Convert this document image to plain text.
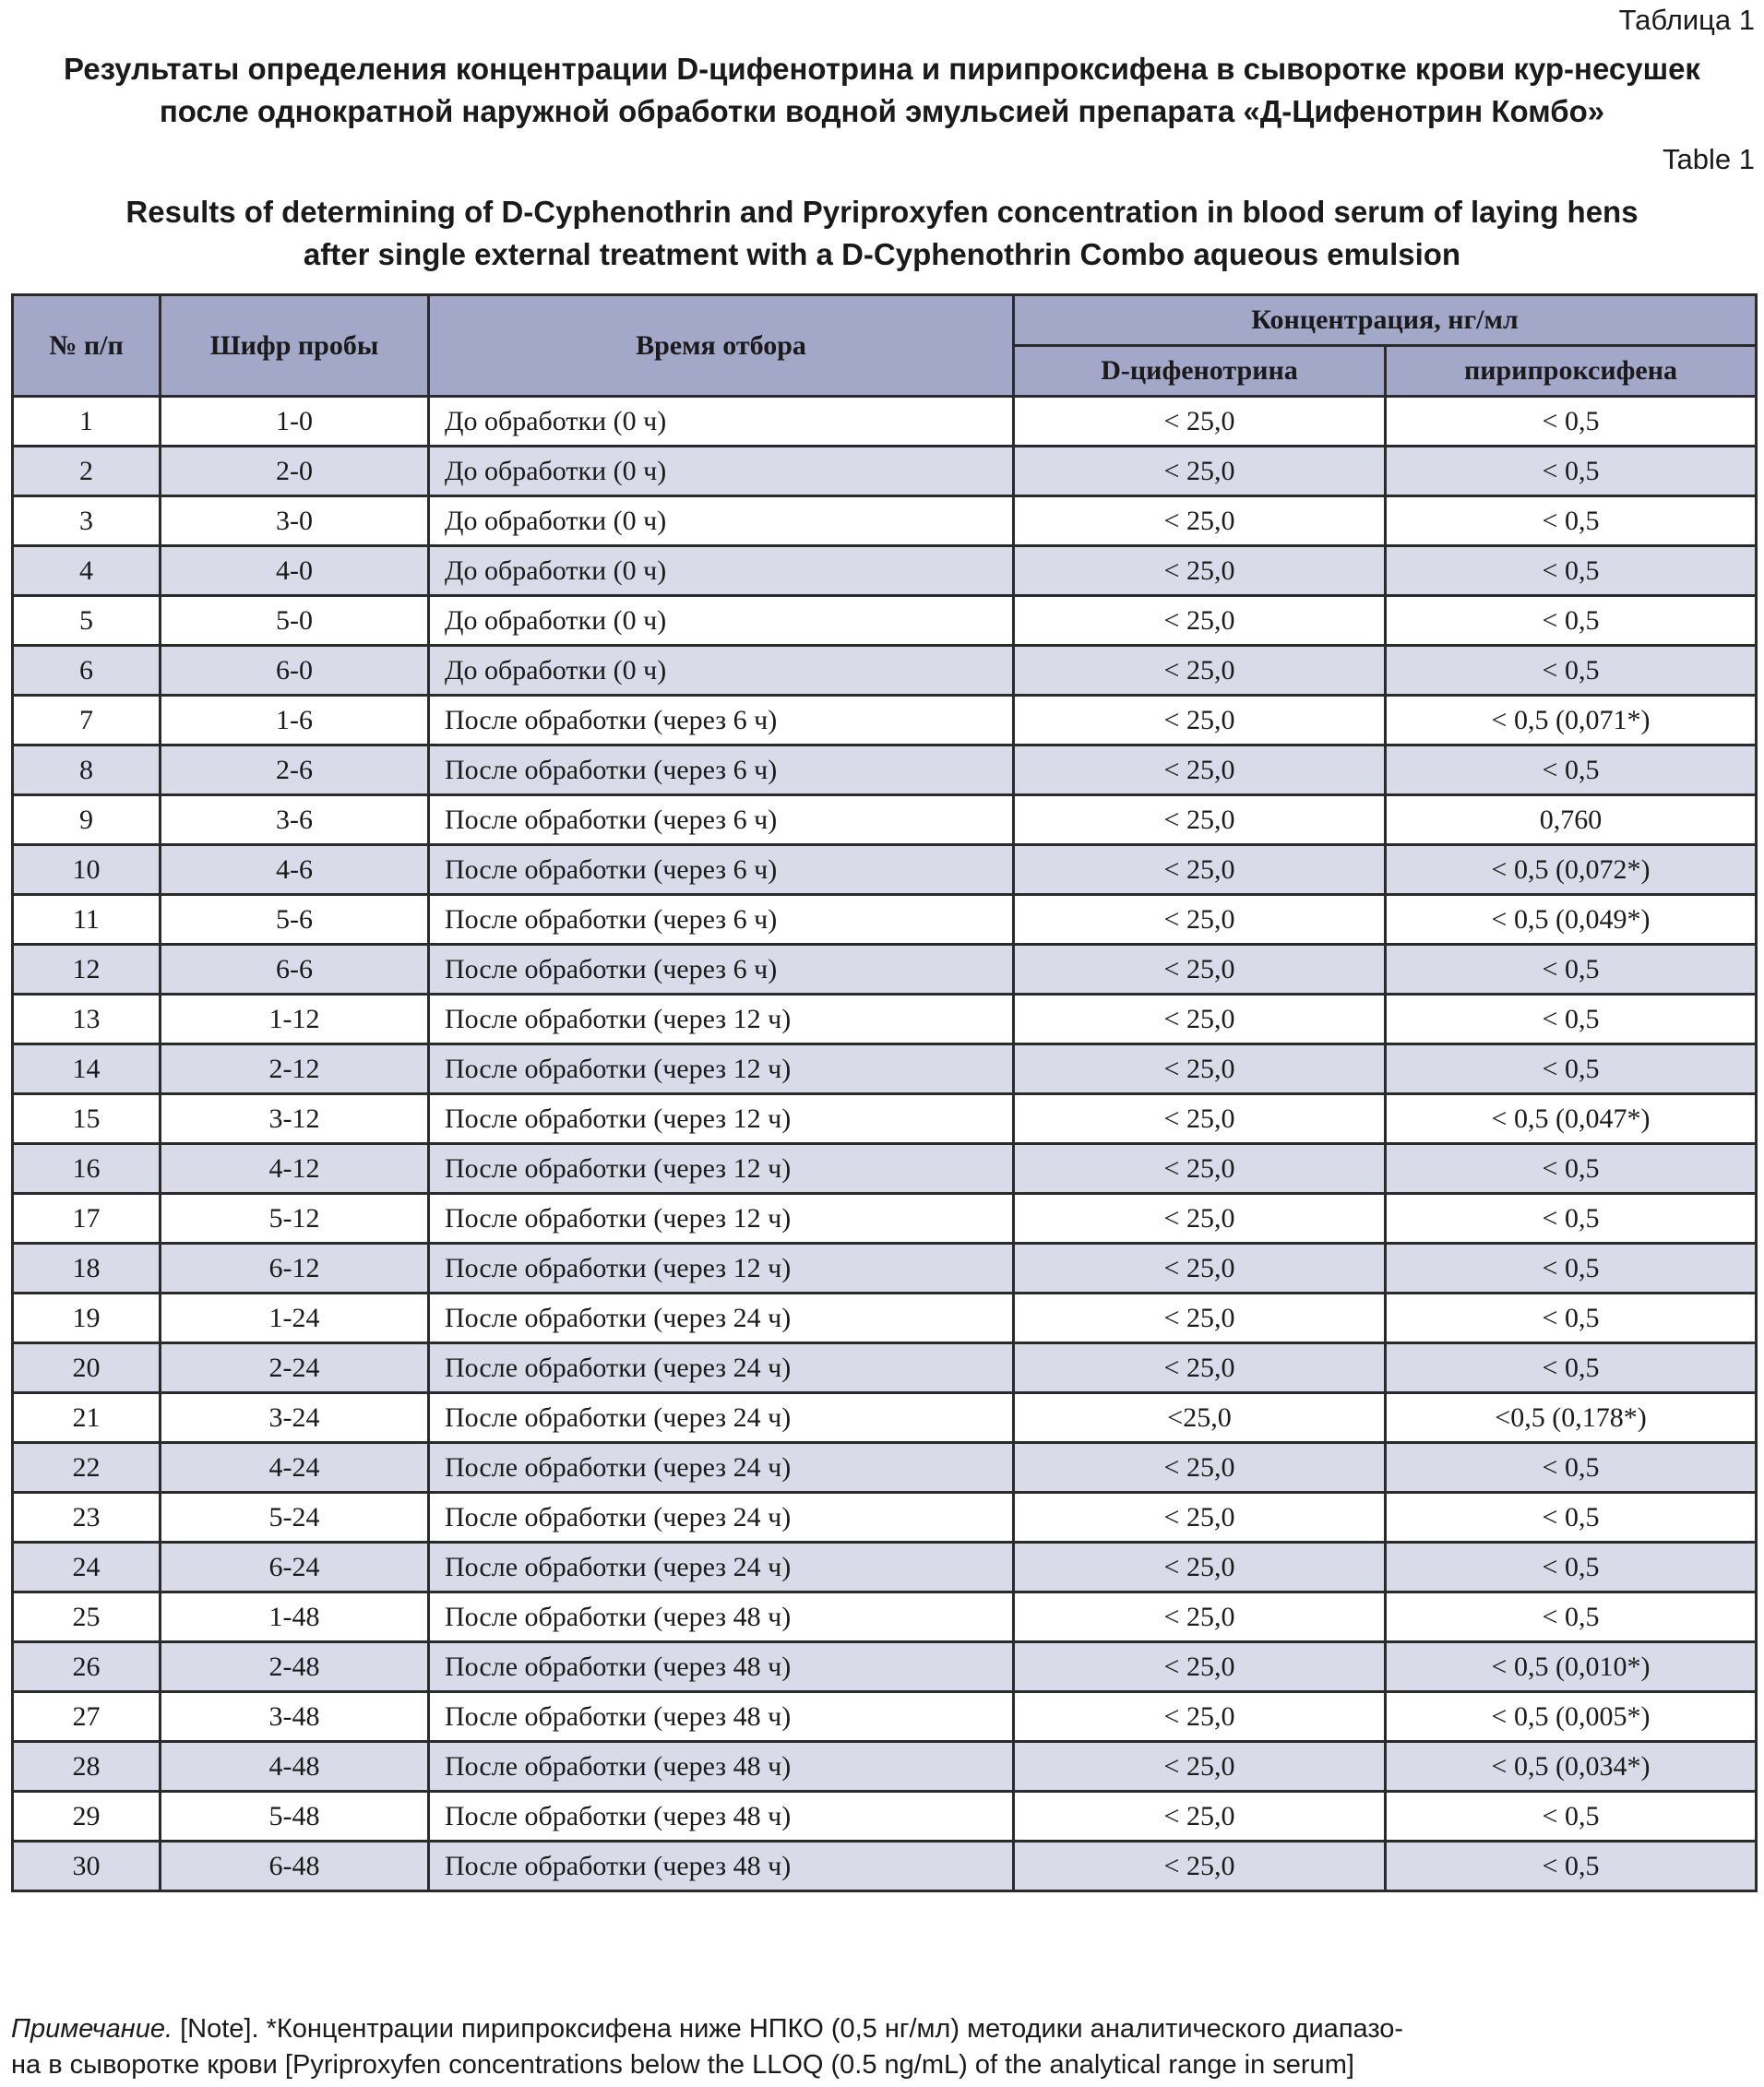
Таблица 1
Результаты определения концентрации D-цифенотрина и пирипроксифена в сыворотке крови кур-несушек
после однократной наружной обработки водной эмульсией препарата «Д-Цифенотрин Комбо»
Table 1
Results of determining of D-Cyphenothrin and Pyriproxyfen concentration in blood serum of laying hens
after single external treatment with a D-Cyphenothrin Combo aqueous emulsion
№ п/п	Шифр пробы	Время отбора	Концентрация, нг/мл	
			D-цифенотрина	пирипроксифена
1	1-0	До обработки (0 ч)	< 25,0	< 0,5
2	2-0	До обработки (0 ч)	< 25,0	< 0,5
3	3-0	До обработки (0 ч)	< 25,0	< 0,5
4	4-0	До обработки (0 ч)	< 25,0	< 0,5
5	5-0	До обработки (0 ч)	< 25,0	< 0,5
6	6-0	До обработки (0 ч)	< 25,0	< 0,5
7	1-6	После обработки (через 6 ч)	< 25,0	< 0,5 (0,071*)
8	2-6	После обработки (через 6 ч)	< 25,0	< 0,5
9	3-6	После обработки (через 6 ч)	< 25,0	0,760
10	4-6	После обработки (через 6 ч)	< 25,0	< 0,5 (0,072*)
11	5-6	После обработки (через 6 ч)	< 25,0	< 0,5 (0,049*)
12	6-6	После обработки (через 6 ч)	< 25,0	< 0,5
13	1-12	После обработки (через 12 ч)	< 25,0	< 0,5
14	2-12	После обработки (через 12 ч)	< 25,0	< 0,5
15	3-12	После обработки (через 12 ч)	< 25,0	< 0,5 (0,047*)
16	4-12	После обработки (через 12 ч)	< 25,0	< 0,5
17	5-12	После обработки (через 12 ч)	< 25,0	< 0,5
18	6-12	После обработки (через 12 ч)	< 25,0	< 0,5
19	1-24	После обработки (через 24 ч)	< 25,0	< 0,5
20	2-24	После обработки (через 24 ч)	< 25,0	< 0,5
21	3-24	После обработки (через 24 ч)	<25,0	<0,5 (0,178*)
22	4-24	После обработки (через 24 ч)	< 25,0	< 0,5
23	5-24	После обработки (через 24 ч)	< 25,0	< 0,5
24	6-24	После обработки (через 24 ч)	< 25,0	< 0,5
25	1-48	После обработки (через 48 ч)	< 25,0	< 0,5
26	2-48	После обработки (через 48 ч)	< 25,0	< 0,5 (0,010*)
27	3-48	После обработки (через 48 ч)	< 25,0	< 0,5 (0,005*)
28	4-48	После обработки (через 48 ч)	< 25,0	< 0,5 (0,034*)
29	5-48	После обработки (через 48 ч)	< 25,0	< 0,5
30	6-48	После обработки (через 48 ч)	< 25,0	< 0,5
Примечание. [Note]. *Концентрации пирипроксифена ниже НПКО (0,5 нг/мл) методики аналитического диапазо-
на в сыворотке крови [Pyriproxyfen concentrations below the LLOQ (0.5 ng/mL) of the analytical range in serum]
